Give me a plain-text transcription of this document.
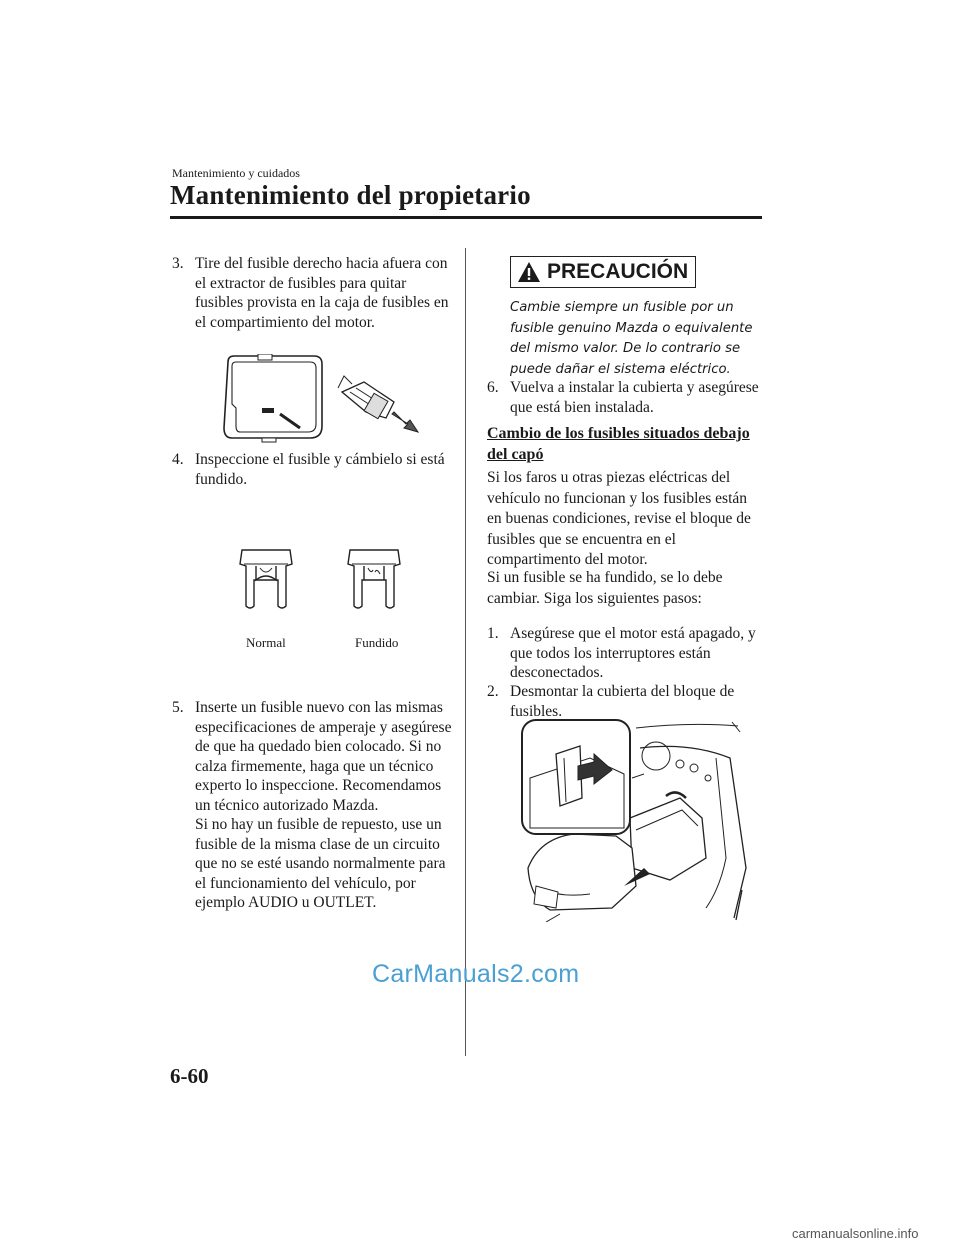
Mantenimiento y cuidados
Mantenimiento del propietario
3. Tire del fusible derecho hacia afuera con el extractor de fusibles para quitar fusibles provista en la caja de fusibles en el compartimiento del motor.
4. Inspeccione el fusible y cámbielo si está fundido.
Normal	Fundido
5. Inserte un fusible nuevo con las mismas especificaciones de amperaje y asegúrese de que ha quedado bien colocado. Si no calza firmemente, haga que un técnico experto lo inspeccione. Recomendamos un técnico autorizado Mazda.
Si no hay un fusible de repuesto, use un fusible de la misma clase de un circuito que no se esté usando normalmente para el funcionamiento del vehículo, por ejemplo AUDIO u OUTLET.
PRECAUCIÓN
Cambie siempre un fusible por un fusible genuino Mazda o equivalente del mismo valor. De lo contrario se puede dañar el sistema eléctrico.
6. Vuelva a instalar la cubierta y asegúrese que está bien instalada.
Cambio de los fusibles situados debajo del capó
Si los faros u otras piezas eléctricas del vehículo no funcionan y los fusibles están en buenas condiciones, revise el bloque de fusibles que se encuentra en el compartimento del motor.
Si un fusible se ha fundido, se lo debe cambiar. Siga los siguientes pasos:
1. Asegúrese que el motor está apagado, y que todos los interruptores están desconectados.
2. Desmontar la cubierta del bloque de fusibles.
6-60
CarManuals2.com
carmanualsonline.info
